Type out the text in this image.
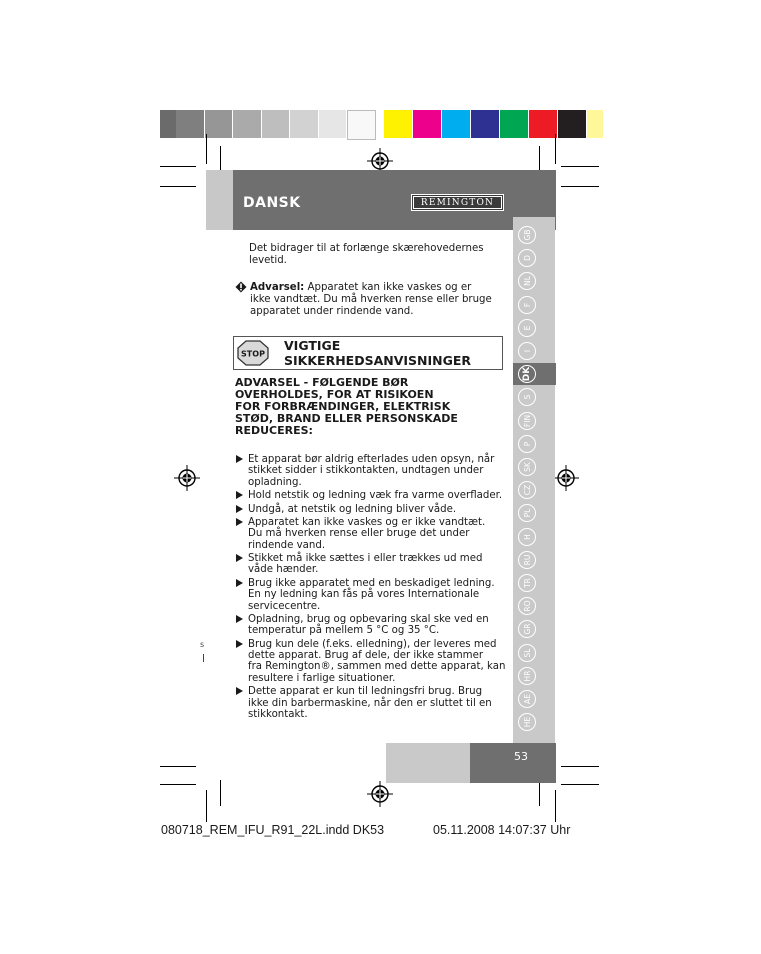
DANSK	REMINGTON
GB
D
NL
F
E
I
DK
S
FIN
P
SK
CZ
PL
H
RU
TR
RO
GR
SL
HR
AE
HE
Det bidrager til at forlænge skærehovedernes
levetid.
Advarsel: Apparatet kan ikke vaskes og er
ikke vandtæt. Du må hverken rense eller bruge
apparatet under rindende vand.
STOP
VIGTIGE
SIKKERHEDSANVISNINGER
ADVARSEL - FØLGENDE BØR
OVERHOLDES, FOR AT RISIKOEN
FOR FORBRÆNDINGER, ELEKTRISK
STØD, BRAND ELLER PERSONSKADE
REDUCERES:
Et apparat bør aldrig efterlades uden opsyn, når
stikket sidder i stikkontakten, undtagen under
opladning.
Hold netstik og ledning væk fra varme overflader.
Undgå, at netstik og ledning bliver våde.
Apparatet kan ikke vaskes og er ikke vandtæt.
Du må hverken rense eller bruge det under
rindende vand.
Stikket må ikke sættes i eller trækkes ud med
våde hænder.
Brug ikke apparatet med en beskadiget ledning.
En ny ledning kan fås på vores Internationale
servicecentre.
Opladning, brug og opbevaring skal ske ved en
temperatur på mellem 5 °C og 35 °C.
Brug kun dele (f.eks. elledning), der leveres med
dette apparat. Brug af dele, der ikke stammer
fra Remington®, sammen med dette apparat, kan
resultere i farlige situationer.
Dette apparat er kun til ledningsfri brug. Brug
ikke din barbermaskine, når den er sluttet til en
stikkontakt.
s
53
080718_REM_IFU_R91_22L.indd DK53	05.11.2008 14:07:37 Uhr
